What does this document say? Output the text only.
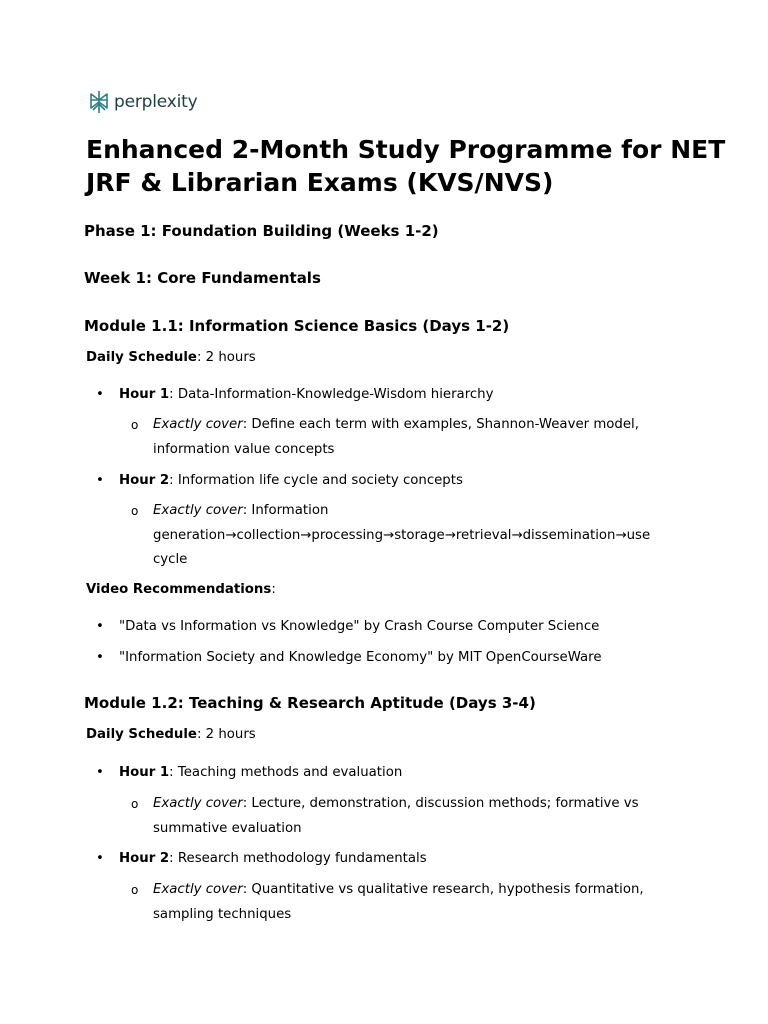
perplexity
Enhanced 2-Month Study Programme for NET JRF & Librarian Exams (KVS/NVS)
Phase 1: Foundation Building (Weeks 1-2)
Week 1: Core Fundamentals
Module 1.1: Information Science Basics (Days 1-2)

Daily Schedule: 2 hours

• Hour 1: Data-Information-Knowledge-Wisdom hierarchy
o Exactly cover: Define each term with examples, Shannon-Weaver model,
information value concepts
• Hour 2: Information life cycle and society concepts
o Exactly cover: Information
generation→collection→processing→storage→retrieval→dissemination→use
cycle

Video Recommendations:

• "Data vs Information vs Knowledge" by Crash Course Computer Science
• "Information Society and Knowledge Economy" by MIT OpenCourseWare
Module 1.2: Teaching & Research Aptitude (Days 3-4)

Daily Schedule: 2 hours

• Hour 1: Teaching methods and evaluation
o Exactly cover: Lecture, demonstration, discussion methods; formative vs
summative evaluation
• Hour 2: Research methodology fundamentals
o Exactly cover: Quantitative vs qualitative research, hypothesis formation,
sampling techniques
